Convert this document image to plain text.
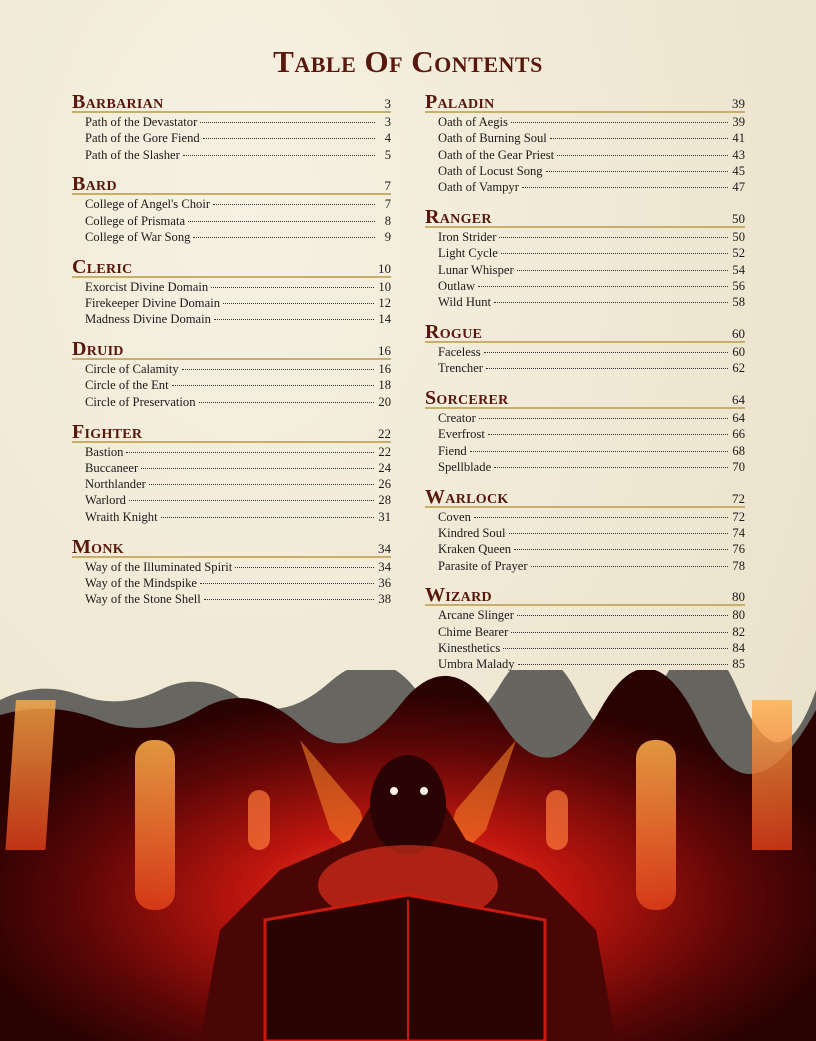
Table Of Contents
Barbarian	3
Path of the Devastator	3
Path of the Gore Fiend	4
Path of the Slasher	5
Bard	7
College of Angel's Choir	7
College of Prismata	8
College of War Song	9
Cleric	10
Exorcist Divine Domain	10
Firekeeper Divine Domain	12
Madness Divine Domain	14
Druid	16
Circle of Calamity	16
Circle of the Ent	18
Circle of Preservation	20
Fighter	22
Bastion	22
Buccaneer	24
Northlander	26
Warlord	28
Wraith Knight	31
Monk	34
Way of the Illuminated Spirit	34
Way of the Mindspike	36
Way of the Stone Shell	38
Paladin	39
Oath of Aegis	39
Oath of Burning Soul	41
Oath of the Gear Priest	43
Oath of Locust Song	45
Oath of Vampyr	47
Ranger	50
Iron Strider	50
Light Cycle	52
Lunar Whisper	54
Outlaw	56
Wild Hunt	58
Rogue	60
Faceless	60
Trencher	62
Sorcerer	64
Creator	64
Everfrost	66
Fiend	68
Spellblade	70
Warlock	72
Coven	72
Kindred Soul	74
Kraken Queen	76
Parasite of Prayer	78
Wizard	80
Arcane Slinger	80
Chime Bearer	82
Kinesthetics	84
Umbra Malady	85
